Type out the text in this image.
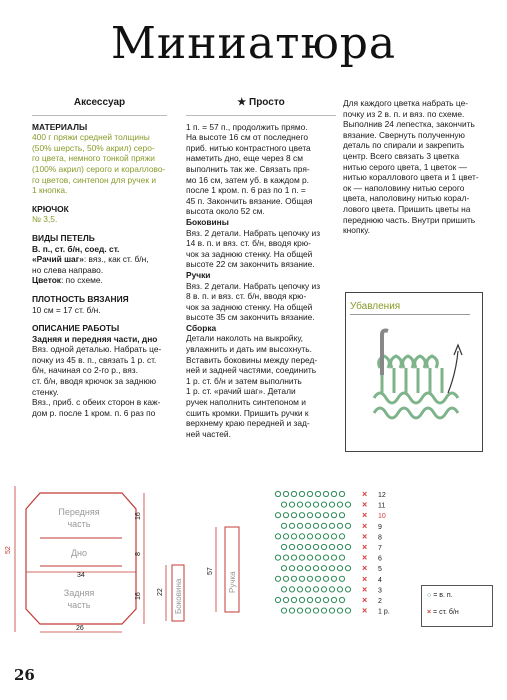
Миниатюра
Аксессуар

МАТЕРИАЛЫ

400 г пряжи средней толщины

(50% шерсть, 50% акрил) серо-

го цвета, немного тонкой пряжи

(100% акрил) серого и кораллово-

го цветов, синтепон для ручек и

1 кнопка.

КРЮЧОК

№ 3,5.

ВИДЫ ПЕТЕЛЬ

В. п., ст. б/н, соед. ст.

«Рачий шаг»: вяз., как ст. б/н,

но слева направо.

Цветок: по схеме.

ПЛОТНОСТЬ ВЯЗАНИЯ

10 см = 17 ст. б/н.

ОПИСАНИЕ РАБОТЫ

Задняя и передняя части, дно

Вяз. одной деталью. Набрать це-

почку из 45 в. п., связать 1 р. ст.

б/н, начиная со 2-го р., вяз.

ст. б/н, вводя крючок за заднюю

стенку.

Вяз., приб. с обеих сторон в каж-

дом р. после 1 кром. п. 6 раз по

★ Просто

1 п. = 57 п., продолжить прямо.

На высоте 16 см от последнего

приб. нитью контрастного цвета

наметить дно, еще через 8 см

выполнить так же. Связать пря-

мо 16 см, затем уб. в каждом р.

после 1 кром. п. 6 раз по 1 п. =

45 п. Закончить вязание. Общая

высота около 52 см.

Боковины

Вяз. 2 детали. Набрать цепочку из

14 в. п. и вяз. ст. б/н, вводя крю-

чок за заднюю стенку. На общей

высоте 22 см закончить вязание.

Ручки

Вяз. 2 детали. Набрать цепочку из

8 в. п. и вяз. ст. б/н, вводя крю-

чок за заднюю стенку. На общей

высоте 35 см закончить вязание.

Сборка

Детали наколоть на выкройку,

увлажнить и дать им высохнуть.

Вставить боковины между перед-

ней и задней частями, соединить

1 р. ст. б/н и затем выполнить

1 р. ст. «рачий шаг». Детали

ручек наполнить синтепоном и

сшить кромки. Пришить ручки к

верхнему краю передней и зад-

ней частей.

Для каждого цветка набрать це-

почку из 2 в. п. и вяз. по схеме.

Выполнив 24 лепестка, закончить

вязание. Свернуть полученную

деталь по спирали и закрепить

центр. Всего связать 3 цветка

нитью серого цвета, 1 цветок —

нитью кораллового цвета и 1 цвет-

ок — наполовину нитью серого

цвета, наполовину нитью корал-

лового цвета. Пришить цветы на

переднюю часть. Внутри пришить

кнопку.

Убавления
Передняя
часть
Дно
Задняя
часть
52
34
26
16
8
16	Боковина
22	Ручка
57
× 12
× 11
× 10
× 9
× 8
× 7
× 6
× 5
× 4
× 3
× 2
× 1 р.
○ = в. п.
× = ст. б/н
26
